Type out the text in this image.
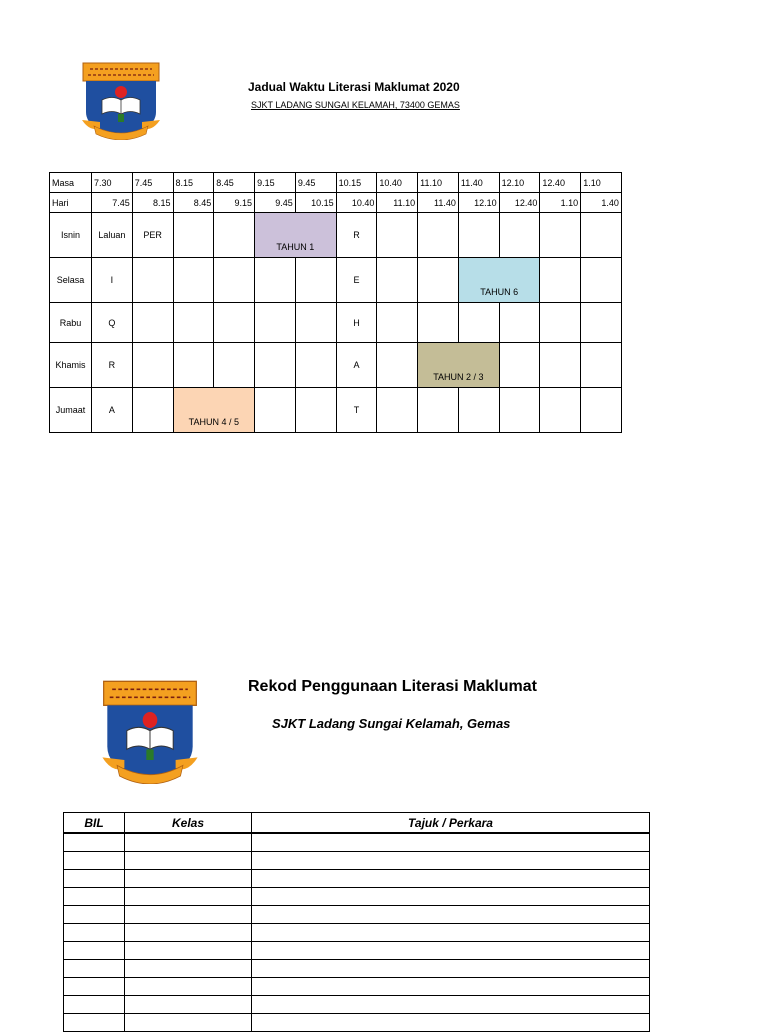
Jadual Waktu Literasi Maklumat 2020
SJKT LADANG SUNGAI KELAMAH, 73400 GEMAS
Masa	7.30	7.45	8.15	8.45	9.15	9.45	10.15	10.40	11.10	11.40	12.10	12.40	1.10
Hari	7.45	8.15	8.45	9.15	9.45	10.15	10.40	11.10	11.40	12.10	12.40	1.10	1.40
Isnin	Laluan	PER			TAHUN 1		R						
Selasa	I						E			TAHUN 6			
Rabu	Q						H						
Khamis	R						A		TAHUN 2 / 3				
Jumaat	A		TAHUN 4 / 5				T						
Rekod Penggunaan Literasi Maklumat
SJKT Ladang Sungai Kelamah, Gemas
BIL	Kelas	Tajuk / Perkara
